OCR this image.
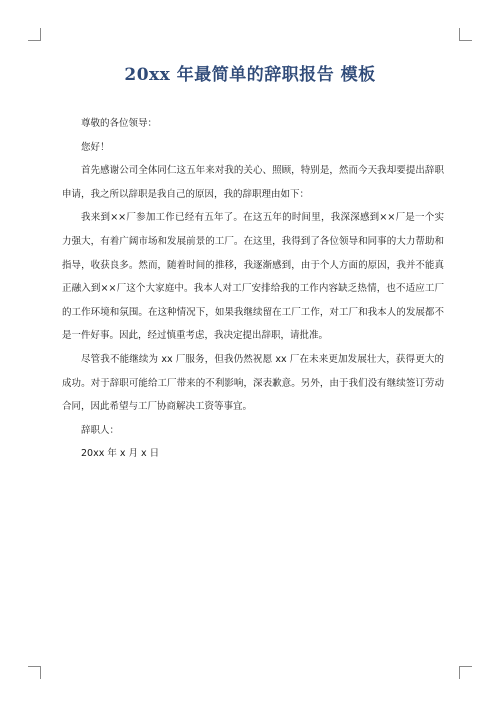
20xx 年最简单的辞职报告 模板

尊敬的各位领导：

您好！

首先感谢公司全体同仁这五年来对我的关心、照顾，特别是，然而今天我却要提出辞职申请，我之所以辞职是我自己的原因，我的辞职理由如下：

我来到××厂参加工作已经有五年了。在这五年的时间里，我深深感到××厂是一个实力强大，有着广阔市场和发展前景的工厂。在这里，我得到了各位领导和同事的大力帮助和指导，收获良多。然而，随着时间的推移，我逐渐感到，由于个人方面的原因，我并不能真正融入到××厂这个大家庭中。我本人对工厂安排给我的工作内容缺乏热情，也不适应工厂的工作环境和氛围。在这种情况下，如果我继续留在工厂工作，对工厂和我本人的发展都不是一件好事。因此，经过慎重考虑，我决定提出辞职，请批准。

尽管我不能继续为 xx 厂服务，但我仍然祝愿 xx 厂在未来更加发展壮大，获得更大的成功。对于辞职可能给工厂带来的不利影响，深表歉意。另外，由于我们没有继续签订劳动合同，因此希望与工厂协商解决工资等事宜。

辞职人：

20xx 年 x 月 x 日
